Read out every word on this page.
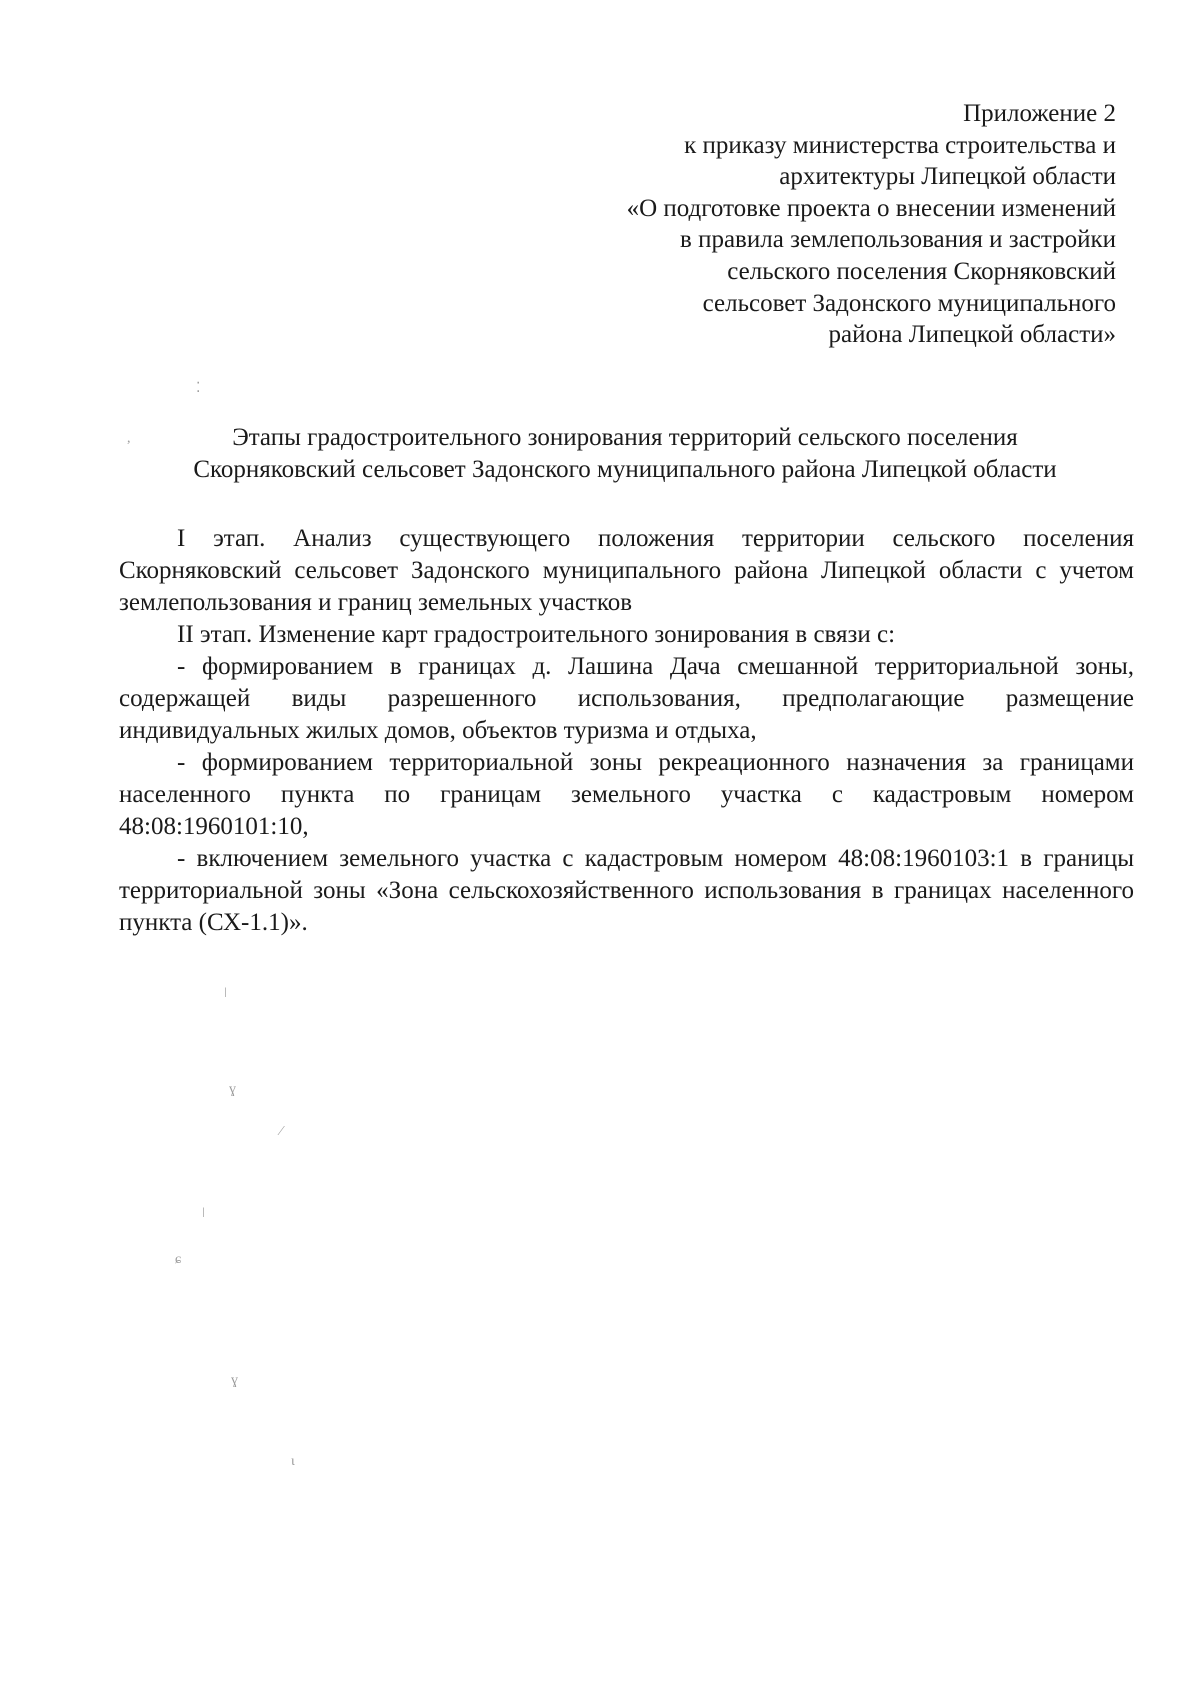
Приложение 2
к приказу министерства строительства и
архитектуры Липецкой области
«О подготовке проекта о внесении изменений
в правила землепользования и застройки
сельского поселения Скорняковский
сельсовет Задонского муниципального
района Липецкой области»
Этапы градостроительного зонирования территорий сельского поселения
Скорняковский сельсовет Задонского муниципального района Липецкой области

I этап. Анализ существующего положения территории сельского поселения Скорняковский сельсовет Задонского муниципального района Липецкой области с учетом землепользования и границ земельных участков

II этап. Изменение карт градостроительного зонирования в связи с:

- формированием в границах д. Лашина Дача смешанной территориальной зоны, содержащей виды разрешенного использования, предполагающие размещение индивидуальных жилых домов, объектов туризма и отдыха,

- формированием территориальной зоны рекреационного назначения за границами населенного пункта по границам земельного участка с кадастровым номером 48:08:1960101:10,

- включением земельного участка с кадастровым номером 48:08:1960103:1 в границы территориальной зоны «Зона сельскохозяйственного использования в границах населенного пункта (СХ-1.1)».

⁚
,
ǀ
ɣ
⁄
ǀ
ɕ
ɣ
ɩ
